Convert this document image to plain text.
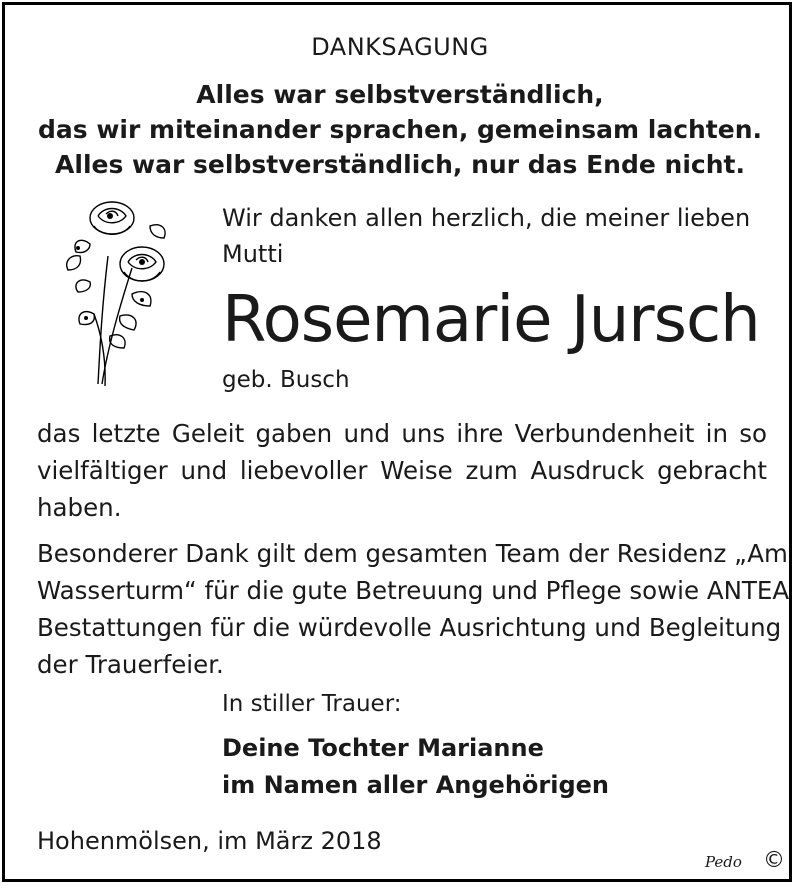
DANKSAGUNG
Alles war selbstverständlich,
das wir miteinander sprachen, gemeinsam lachten.
Alles war selbstverständlich, nur das Ende nicht.
Wir danken allen herzlich, die meiner lieben
Mutti
Rosemarie Jursch
geb. Busch
das letzte Geleit gaben und uns ihre Verbundenheit in so
vielfältiger und liebevoller Weise zum Ausdruck gebracht
haben.
Besonderer Dank gilt dem gesamten Team der Residenz „Am
Wasserturm“ für die gute Betreuung und Pflege sowie ANTEA
Bestattungen für die würdevolle Ausrichtung und Begleitung
der Trauerfeier.
In stiller Trauer:
Deine Tochter Marianne
im Namen aller Angehörigen
Hohenmölsen, im März 2018
Pedo ©
